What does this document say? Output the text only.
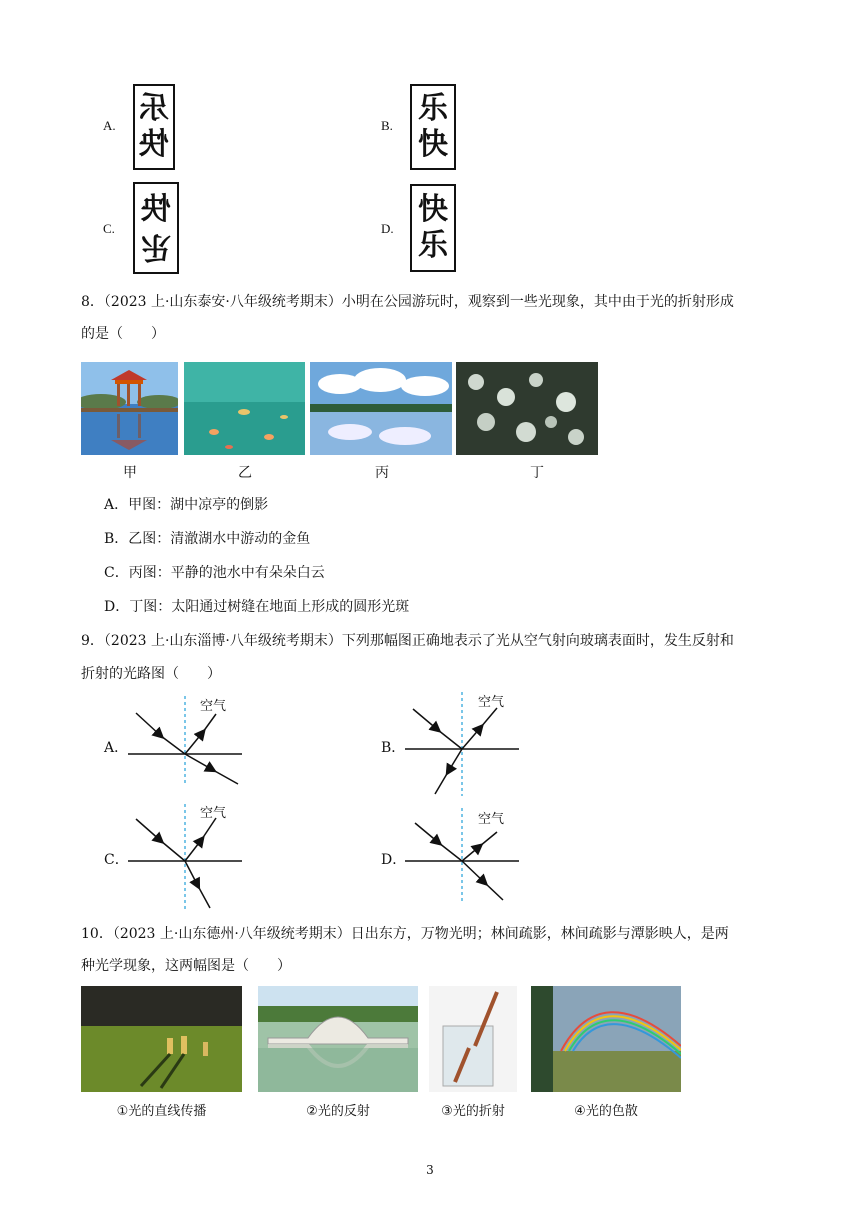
A. 乐
快
B. 乐
快
C.
快
乐
D.
快
乐
8．（2023 上·山东泰安·八年级统考期末）小明在公园游玩时，观察到一些光现象，其中由于光的折射形成
的是（　　）
甲	乙	丙	丁
A．甲图：湖中凉亭的倒影
B．乙图：清澈湖水中游动的金鱼
C．丙图：平静的池水中有朵朵白云
D．丁图：太阳通过树缝在地面上形成的圆形光斑
9．（2023 上·山东淄博·八年级统考期末）下列那幅图正确地表示了光从空气射向玻璃表面时，发生反射和
折射的光路图（　　）
A．
空气
B．
空气
C．
空气
D．
空气
10．（2023 上·山东德州·八年级统考期末）日出东方，万物光明；林间疏影，林间疏影与潭影映人，是两
种光学现象，这两幅图是（　　）
①光的直线传播	②光的反射	③光的折射	④光的色散
3
